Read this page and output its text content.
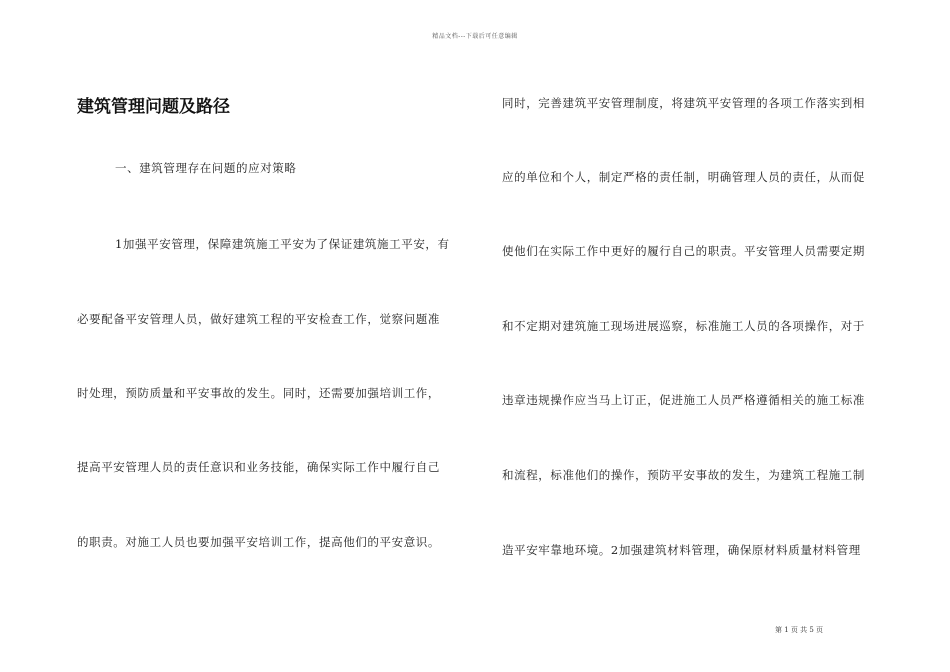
精品文档---下载后可任意编辑
建筑管理问题及路径
一、建筑管理存在问题的应对策略
1加强平安管理，保障建筑施工平安为了保证建筑施工平安，有
必要配备平安管理人员，做好建筑工程的平安检查工作，觉察问题准
时处理，预防质量和平安事故的发生。同时，还需要加强培训工作，
提高平安管理人员的责任意识和业务技能，确保实际工作中履行自己
的职责。对施工人员也要加强平安培训工作，提高他们的平安意识。
同时，完善建筑平安管理制度，将建筑平安管理的各项工作落实到相
应的单位和个人，制定严格的责任制，明确管理人员的责任，从而促
使他们在实际工作中更好的履行自己的职责。平安管理人员需要定期
和不定期对建筑施工现场进展巡察，标准施工人员的各项操作，对于
违章违规操作应当马上订正，促进施工人员严格遵循相关的施工标准
和流程，标准他们的操作，预防平安事故的发生，为建筑工程施工制
造平安牢靠地环境。2加强建筑材料管理，确保原材料质量材料管理
第 1 页 共 5 页
